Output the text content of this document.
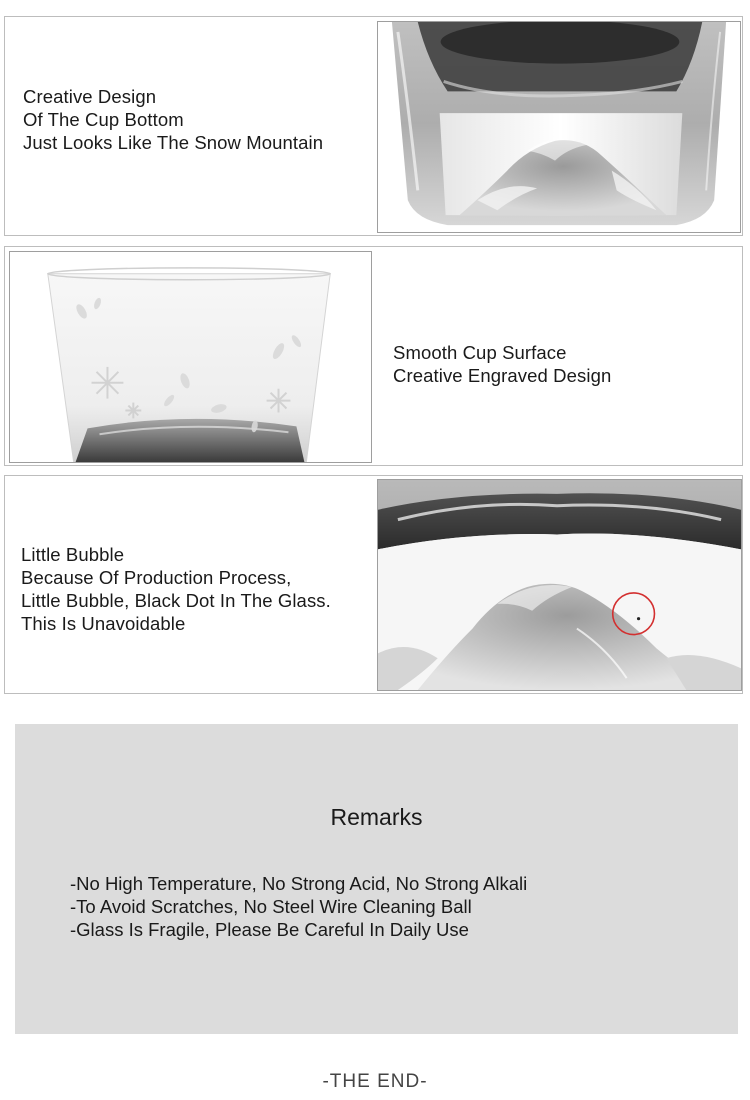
Creative Design
Of The Cup Bottom
Just Looks Like The Snow Mountain
Smooth Cup Surface
Creative Engraved Design
Little Bubble
Because Of Production Process,
Little Bubble, Black Dot In The Glass.
This Is Unavoidable
Remarks
-No High Temperature, No Strong Acid, No Strong Alkali
-To Avoid Scratches, No Steel Wire Cleaning Ball
-Glass Is Fragile, Please Be Careful In Daily Use
-THE END-
